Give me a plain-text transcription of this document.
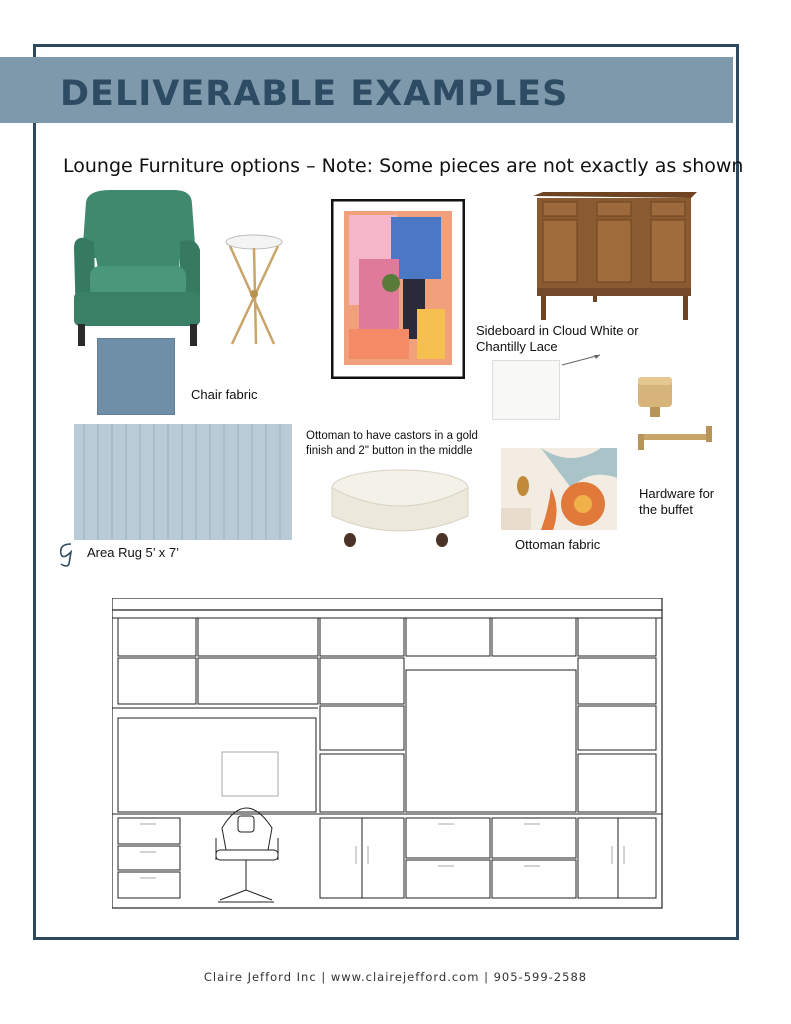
DELIVERABLE EXAMPLES
Lounge Furniture options – Note: Some pieces are not exactly as shown
Chair fabric
Sideboard in Cloud White or
Chantilly Lace
Hardware for
the buffet
Area Rug 5’ x 7’
Ottoman to have castors in a gold
finish and 2" button in the middle
Ottoman fabric
Claire Jefford Inc | www.clairejefford.com | 905-599-2588
